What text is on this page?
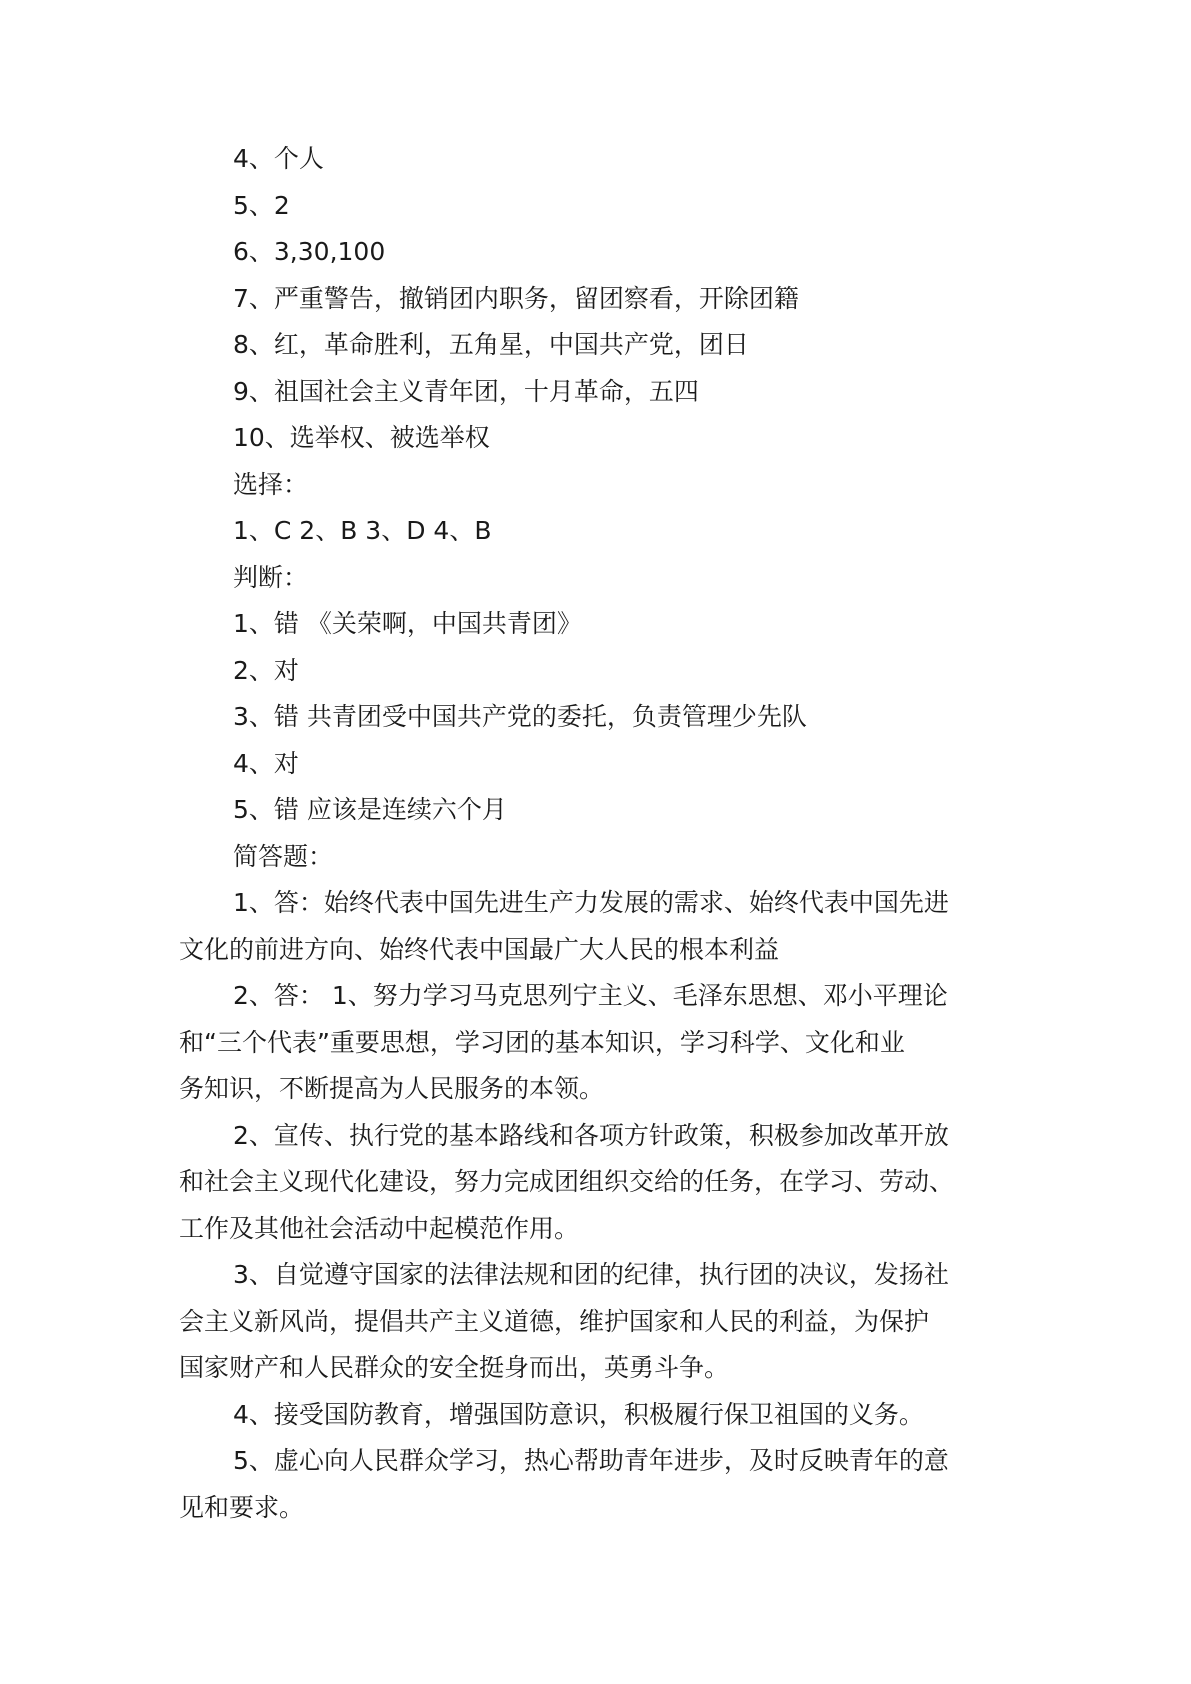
4、个人

5、2

6、3,30,100

7、严重警告，撤销团内职务，留团察看，开除团籍

8、红，革命胜利，五角星，中国共产党，团日

9、祖国社会主义青年团，十月革命，五四

10、选举权、被选举权

选择：

1、C 2、B 3、D 4、B

判断：

1、错 《关荣啊，中国共青团》

2、对

3、错 共青团受中国共产党的委托，负责管理少先队

4、对

5、错 应该是连续六个月

简答题：

1、答：始终代表中国先进生产力发展的需求、始终代表中国先进
文化的前进方向、始终代表中国最广大人民的根本利益
2、答： 1、努力学习马克思列宁主义、毛泽东思想、邓小平理论
和“三个代表”重要思想，学习团的基本知识，学习科学、文化和业
务知识，不断提高为人民服务的本领。
2、宣传、执行党的基本路线和各项方针政策，积极参加改革开放
和社会主义现代化建设，努力完成团组织交给的任务，在学习、劳动、
工作及其他社会活动中起模范作用。
3、自觉遵守国家的法律法规和团的纪律，执行团的决议，发扬社
会主义新风尚，提倡共产主义道德，维护国家和人民的利益，为保护
国家财产和人民群众的安全挺身而出，英勇斗争。
4、接受国防教育，增强国防意识，积极履行保卫祖国的义务。
5、虚心向人民群众学习，热心帮助青年进步，及时反映青年的意
见和要求。
